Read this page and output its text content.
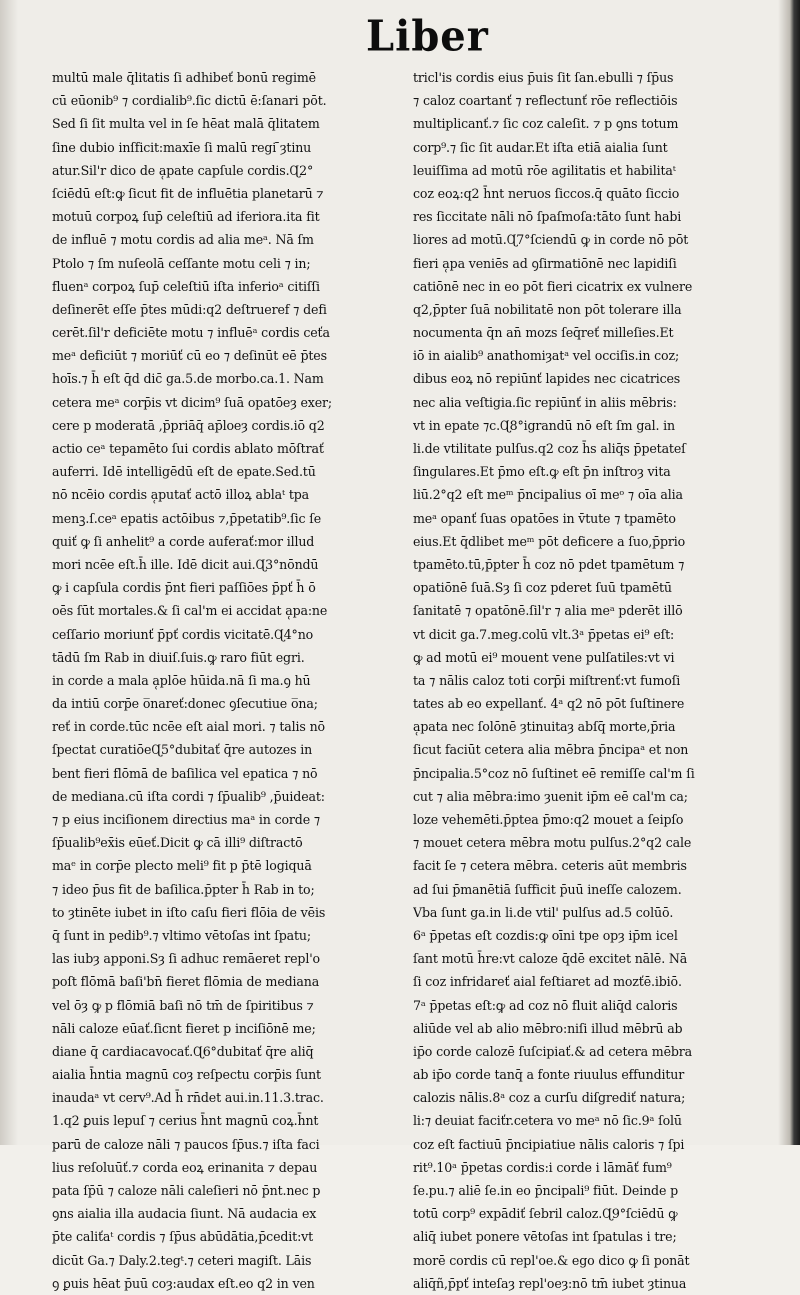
Liber
multū male q̄litatis ſi adhibeť bonū regimē
cū eūonib⁹ ⁊ cordialib⁹.ſic dictū ē:ſanari pōt.
Sed ſi ſit multa vel in ſe hēat malā q̄litatem
ſine dubio inſficit:maxīe ſi malū regi ̄ȝtinu
atur.Sil'r dico de a̜pate capſule cordis.Ɋ2°
ſciēdū eſt:ꝙ ſicut fit de influētia planetarū ⁊
motuū corpoꝝ ſup̄ celeſtiū ad iferiora.ita fit
de influē ⁊ motu cordis ad alia meᵃ. Nā ſm
Ptolo ⁊ ſm nuſeolā ceſſante motu celi ⁊ in;
fluenᵃ corpoꝝ ſup̄ celeſtiū iſta inferioᵃ citiſſi
deſinerēt eſſe p̄tes mūdi:q2 deſtrueref ⁊ defi
cerēt.ſil'r deficiēte motu ⁊ influēᵃ cordis ceťa
meᵃ deficiūt ⁊ moriūť cū eo ⁊ deſinūt eē p̄tes
hoīs.⁊ h̄ eſt q̄d dic̄ ga.5.de morbo.ca.1. Nam
cetera meᵃ corp̄is vt dicim⁹ ſuā opatōeȝ exer;
cere p moderatā ,p̄priāq̄ ap̄loeȝ cordis.iō q2
actio ceᵃ tepamēto ſui cordis ablato mōſtrať
auferri. Idē intelligēdū eſt de epate.Sed.tū
nō ncēio cordis a̜putať actō illoꝝ ablaᵗ tpa
menꝫ.ſ.ceᵃ epatis actōibus ⁊,p̄petatib⁹.ſic ſe
quiť ꝙ ſi anhelit⁹ a corde auferať:mor illud
mori ncēe eſt.h̄ ille. Idē dicit aui.Ɋ3°nōndū
ꝙ i capſula cordis p̄nt fieri paſſiōes p̄pť h̄ ō
oēs ſūt mortales.& ſi cal'm ei accidat a̜pa:ne
ceſſario moriunť p̄pť cordis vicitatē.Ɋ4°no
tādū ſm Rab in diuiſ.ſuis.ꝙ raro fiūt egri.
in corde a mala a̜plōe hūida.nā ſi ma.ꝯ hū
da intiū corp̄e o̅nareť:donec ꝯſecutiue o̅na;
reť in corde.tūc ncēe eſt aial mori. ⁊ talis nō
ſpectat curatiōeɊ5°dubitať q̄re autozes in
bent fieri flōmā de baſilica vel epatica ⁊ nō
de mediana.cū iſta cordi ⁊ ſp̄ualib⁹ ,p̄uideat:
⁊ p eius inciſionem directius maᵃ in corde ⁊
ſp̄ualib⁹ex̄is eūeť.Dicit ꝙ cā illi⁹ diſtractō
maᵉ in corp̄e plecto meli⁹ fit p p̄tē logiquā
⁊ ideo p̄us fit de baſilica.p̄pter h̄ Rab in to;
to ȝtinēte iubet in iſto caſu fieri flōia de vēis
q̄ ſunt in pedib⁹.⁊ vltimo vētoſas int ſpatu;
las iubȝ apponi.Sȝ ſi adhuc remāeret repl'o
poſt flōmā baſi'bn̄ fieret flōmia de mediana
vel ōȝ ꝙ p flōmiā baſi nō tm̄ de ſpiritibus ⁊
nāli caloze eūať.ſicnt fieret p inciſiōnē me;
diane q̄ cardiacavocať.Ɋ6°dubitať q̄re aliq̄
aialia h̄ntia magnū coȝ reſpectu corp̄is ſunt
inaudaᵃ vt cerv⁹.Ad h̄ rn̄det aui.in.11.3.trac.
1.q2 ꝑuis lepuſ ⁊ cerius h̄nt magnū coꝝ.h̄nt
parū de caloze nāli ⁊ paucos ſp̄us.⁊ iſta faci
lius reſoluūť.⁊ corda eoꝝ erinanita ⁊ depau
pata ſp̄ū ⁊ caloze nāli caleſieri nō p̄nt.nec p
ꝯns aialia illa audacia ſiunt. Nā audacia ex
p̄te caliťaᵗ cordis ⁊ ſp̄us abūdātia,p̄cedit:vt
dicūt Ga.⁊ Daly.2.tegᵗ.⁊ ceteri magiſt. Lāis
ꝯ ꝑuis hēat p̄uū coȝ:audax eſt.eo q2 in ven
tricl'is cordis eius p̄uis ſit ſan.ebulli ⁊ ſp̄us
⁊ caloz coartanť ⁊ reflectunť rōe reflectiōis
multiplicanť.⁊ ſic coz caleſit. ⁊ p ꝯns totum
corp⁹.⁊ ſic ſit audar.Et iſta etiā aialia ſunt
leuiſſima ad motū rōe agilitatis et habilitaᵗ
coz eoꝝ:q2 h̄nt neruos ſiccos.q̄ quāto ſiccio
res ſiccitate nāli nō ſpaſmoſa:tāto ſunt habi
liores ad motū.Ɋ7°ſciendū ꝙ in corde nō pōt
fieri a̜pa veniēs ad ꝯſirmatiōnē nec lapidiſi
catiōnē nec in eo pōt fieri cicatrix ex vulnere
q2,p̄pter ſuā nobilitatē non pōt tolerare illa
nocumenta q̄n an̄ mozs ſeq̄reť milleſies.Et
iō in aialib⁹ anathomiȝatᵃ vel occiſis.in coz;
dibus eoꝝ nō repiūnť lapides nec cicatrices
nec alia veſtigia.ſic repiūnť in aliis mēbris:
vt in epate ⁊c.Ɋ8°igrandū nō eſt ſm gal. in
li.de vtilitate pulſus.q2 coz h̄s aliq̄s p̄petateſ
ſingulares.Et p̄mo eſt.ꝙ eſt p̄n inſtroȝ vita
liū.2°q2 eſt meᵐ p̄ncipalius oī meᵒ ⁊ oīa alia
meᵃ opanť ſuas opatōes in v̄tute ⁊ tpamēto
eius.Et q̄dlibet meᵐ pōt deficere a ſuo,p̄prio
tpamēto.tū,p̄pter h̄ coz nō pdet tpamētum ⁊
opatiōnē ſuā.Sȝ ſi coz pderet ſuū tpamētū
ſanitatē ⁊ opatōnē.ſil'r ⁊ alia meᵃ pderēt illō
vt dicit ga.7.meg.colū vlt.3ᵃ p̄petas ei⁹ eſt:
ꝙ ad motū ei⁹ mouent vene pulſatiles:vt vi
ta ⁊ nālis caloz toti corp̄i miſtrenť:vt fumoſi
tates ab eo expellanť. 4ᵃ q2 nō pōt ſuſtinere
a̜pata nec ſolōnē ȝtinuitaȝ abſq̄ morte,p̄ria
ſicut faciūt cetera alia mēbra p̄ncipaᵃ et non
p̄ncipalia.5°coz nō ſuſtinet eē remiſſe cal'm ſi
cut ⁊ alia mēbra:imo ȝuenit ip̄m eē cal'm ca;
loze vehemēti.p̄ptea p̄mo:q2 mouet a ſeipſo
⁊ mouet cetera mēbra motu pulſus.2°q2 cale
facit ſe ⁊ cetera mēbra. ceteris aūt membris
ad ſui p̄manētiā ſufficit p̄uū ineſſe calozem.
Vba ſunt ga.in li.de vtil' pulſus ad.5 colūō.
6ᵃ p̄petas eſt cozdis:ꝙ oīni tpe opȝ ip̄m icel
ſant motū h̄re:vt caloze q̄dē excitet nālē. Nā
ſi coz infridareť aial feſtiaret ad mozťē.ibiō.
7ᵃ p̄petas eſt:ꝙ ad coz nō fluit aliq̄d caloris
aliūde vel ab alio mēbro:niſi illud mēbrū ab
ip̄o corde calozē ſuſcipiať.& ad cetera mēbra
ab ip̄o corde tanq̄ a fonte riuulus effunditur
calozis nālis.8ᵃ coz a curſu diſgrediť natura;
li:⁊ deuiat faciťr.cetera vo meᵃ nō ſic.9ᵃ ſolū
coz eſt factiuū p̄ncipiatiue nālis caloris ⁊ ſpi
rit⁹.10ᵃ p̄petas cordis:i corde i lāmāť fum⁹
ſe.pu.⁊ aliē ſe.in eo p̄ncipali⁹ fiūt. Deinde p
totū corp⁹ expādiť ſebril caloz.Ɋ9°ſciēdū ꝙ
aliq̄ iubet ponere vētoſas int ſpatulas i tre;
morē cordis cū repl'oe.& ego dico ꝙ ſi ponāt
aliq̄ñ,p̄pť inteſaȝ repl'oeȝ:nō tm̄ iubet ȝtinua
